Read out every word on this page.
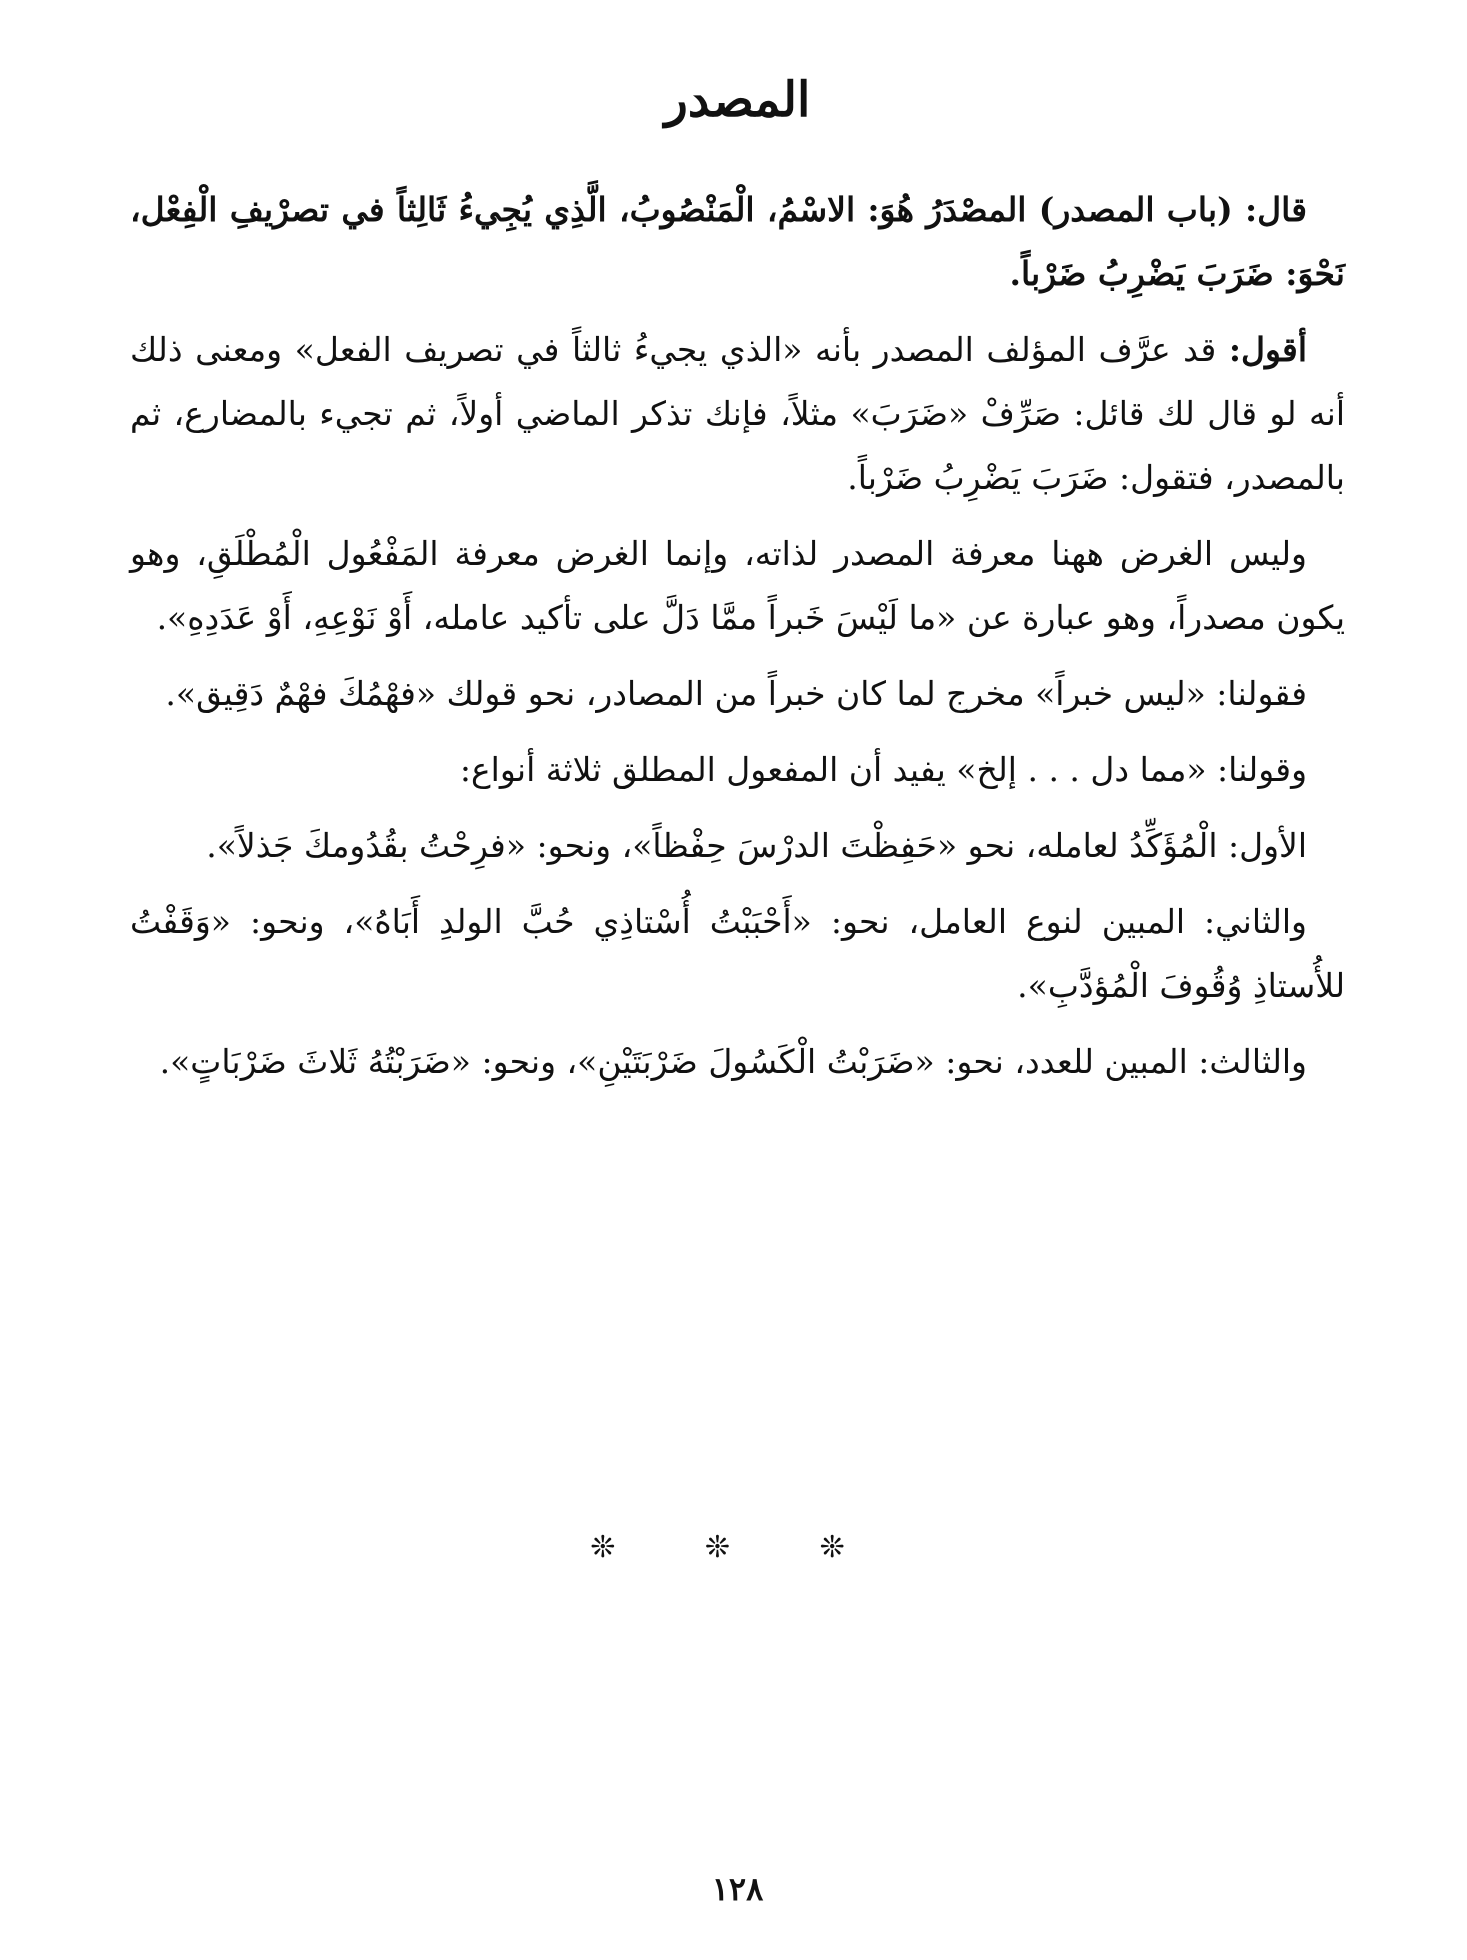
المصدر

قال: (باب المصدر) المصْدَرُ هُوَ: الاسْمُ، الْمَنْصُوبُ، الَّذِي يُجِيءُ ثَالِثاً في تصرْيفِ الْفِعْل، نَحْوَ: ضَرَبَ يَضْرِبُ ضَرْباً.

أقول: قد عرَّف المؤلف المصدر بأنه «الذي يجيءُ ثالثاً في تصريف الفعل» ومعنى ذلك أنه لو قال لك قائل: صَرِّفْ «ضَرَبَ» مثلاً، فإنك تذكر الماضي أولاً، ثم تجيء بالمضارع، ثم بالمصدر، فتقول: ضَرَبَ يَضْرِبُ ضَرْباً.

وليس الغرض ههنا معرفة المصدر لذاته، وإنما الغرض معرفة المَفْعُول الْمُطْلَقِ، وهو يكون مصدراً، وهو عبارة عن «ما لَيْسَ خَبراً ممَّا دَلَّ على تأكيد عامله، أَوْ نَوْعِهِ، أَوْ عَدَدِهِ».

فقولنا: «ليس خبراً» مخرج لما كان خبراً من المصادر، نحو قولك «فهْمُكَ فهْمٌ دَقِيق».

وقولنا: «مما دل . . . إلخ» يفيد أن المفعول المطلق ثلاثة أنواع:

الأول: الْمُؤَكِّدُ لعامله، نحو «حَفِظْتَ الدرْسَ حِفْظاً»، ونحو: «فرِحْتُ بقُدُومكَ جَذلاً».

والثاني: المبين لنوع العامل، نحو: «أَحْبَبْتُ أُسْتاذِي حُبَّ الولدِ أَبَاهُ»، ونحو: «وَقَفْتُ للأُستاذِ وُقُوفَ الْمُؤدَّبِ».

والثالث: المبين للعدد، نحو: «ضَرَبْتُ الْكَسُولَ ضَرْبَتَيْنِ»، ونحو: «ضَرَبْتُهُ ثَلاثَ ضَرْبَاتٍ».

❊ ❊ ❊
١٢٨
